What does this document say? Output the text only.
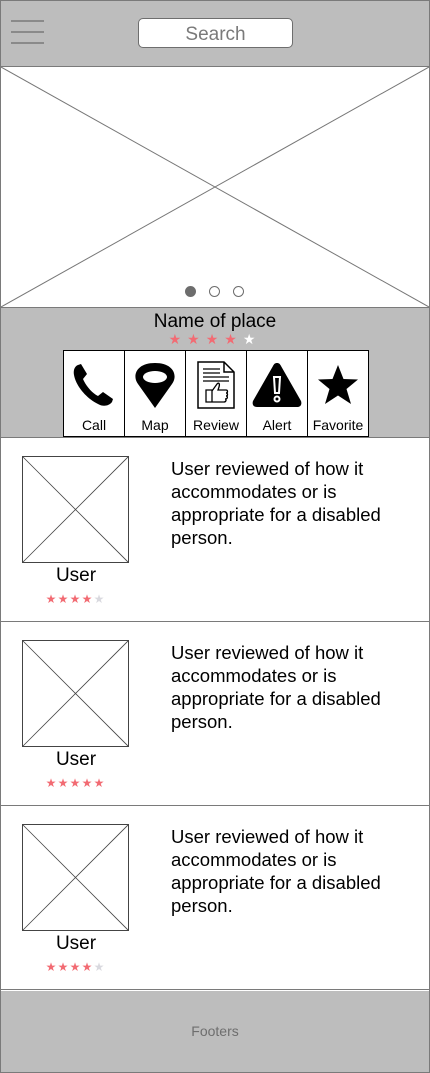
Search
Name of place
★★★★★
Call	Map	Review	Alert	Favorite
User
★★★★★
User reviewed of how it accommodates or is appropriate for a disabled person.
User
★★★★★
User reviewed of how it accommodates or is appropriate for a disabled person.
User
★★★★★
User reviewed of how it accommodates or is appropriate for a disabled person.
Footers
